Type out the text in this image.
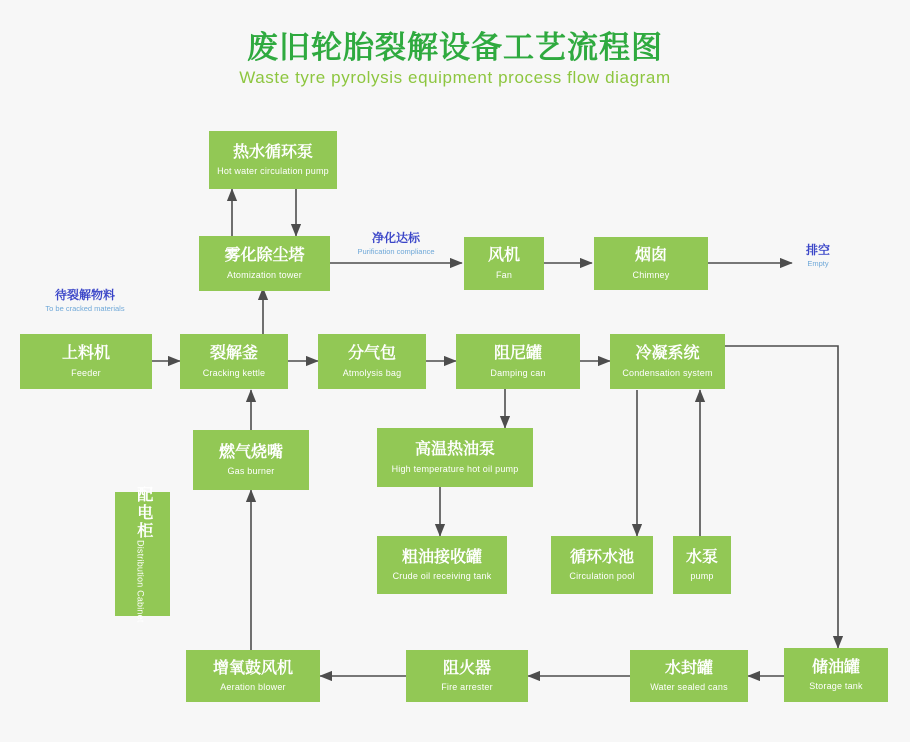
废旧轮胎裂解设备工艺流程图
Waste tyre pyrolysis equipment process flow diagram
待裂解物料
To be cracked materials
净化达标
Purification compliance	排空
Empty
热水循环泵
Hot water circulation pump
雾化除尘塔
Atomization tower
风机
Fan
烟囱
Chimney
上料机
Feeder
裂解釜
Cracking kettle
分气包
Atmolysis bag
阻尼罐
Damping can
冷凝系统
Condensation system
燃气烧嘴
Gas burner
高温热油泵
High temperature hot oil pump
配电柜
Distribution Cabinet	粗油接收罐
Crude oil receiving tank
循环水池
Circulation pool
水泵
pump
增氧鼓风机
Aeration blower
阻火器
Fire arrester
水封罐
Water sealed cans
储油罐
Storage tank
